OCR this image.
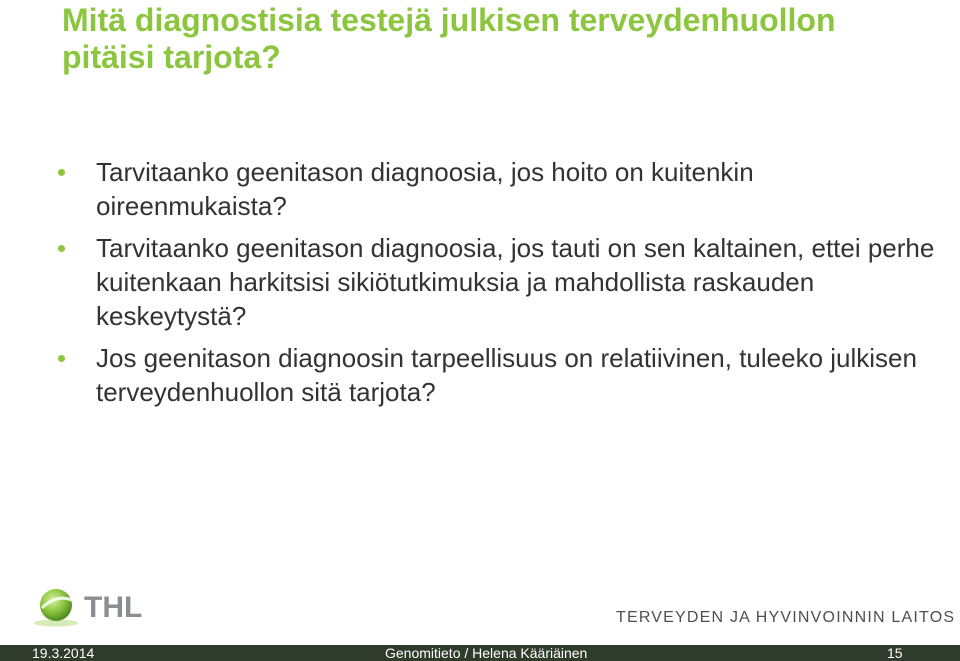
Mitä diagnostisia testejä julkisen terveydenhuollon pitäisi tarjota?
Tarvitaanko geenitason diagnoosia, jos hoito on kuitenkin oireenmukaista?
Tarvitaanko geenitason diagnoosia, jos tauti on sen kaltainen, ettei perhe kuitenkaan harkitsisi sikiötutkimuksia ja mahdollista raskauden keskeytystä?
Jos geenitason diagnoosin tarpeellisuus on relatiivinen, tuleeko julkisen terveydenhuollon sitä tarjota?
THL	TERVEYDEN JA HYVINVOINNIN LAITOS
19.3.2014	Genomitieto / Helena Kääriäinen	15
